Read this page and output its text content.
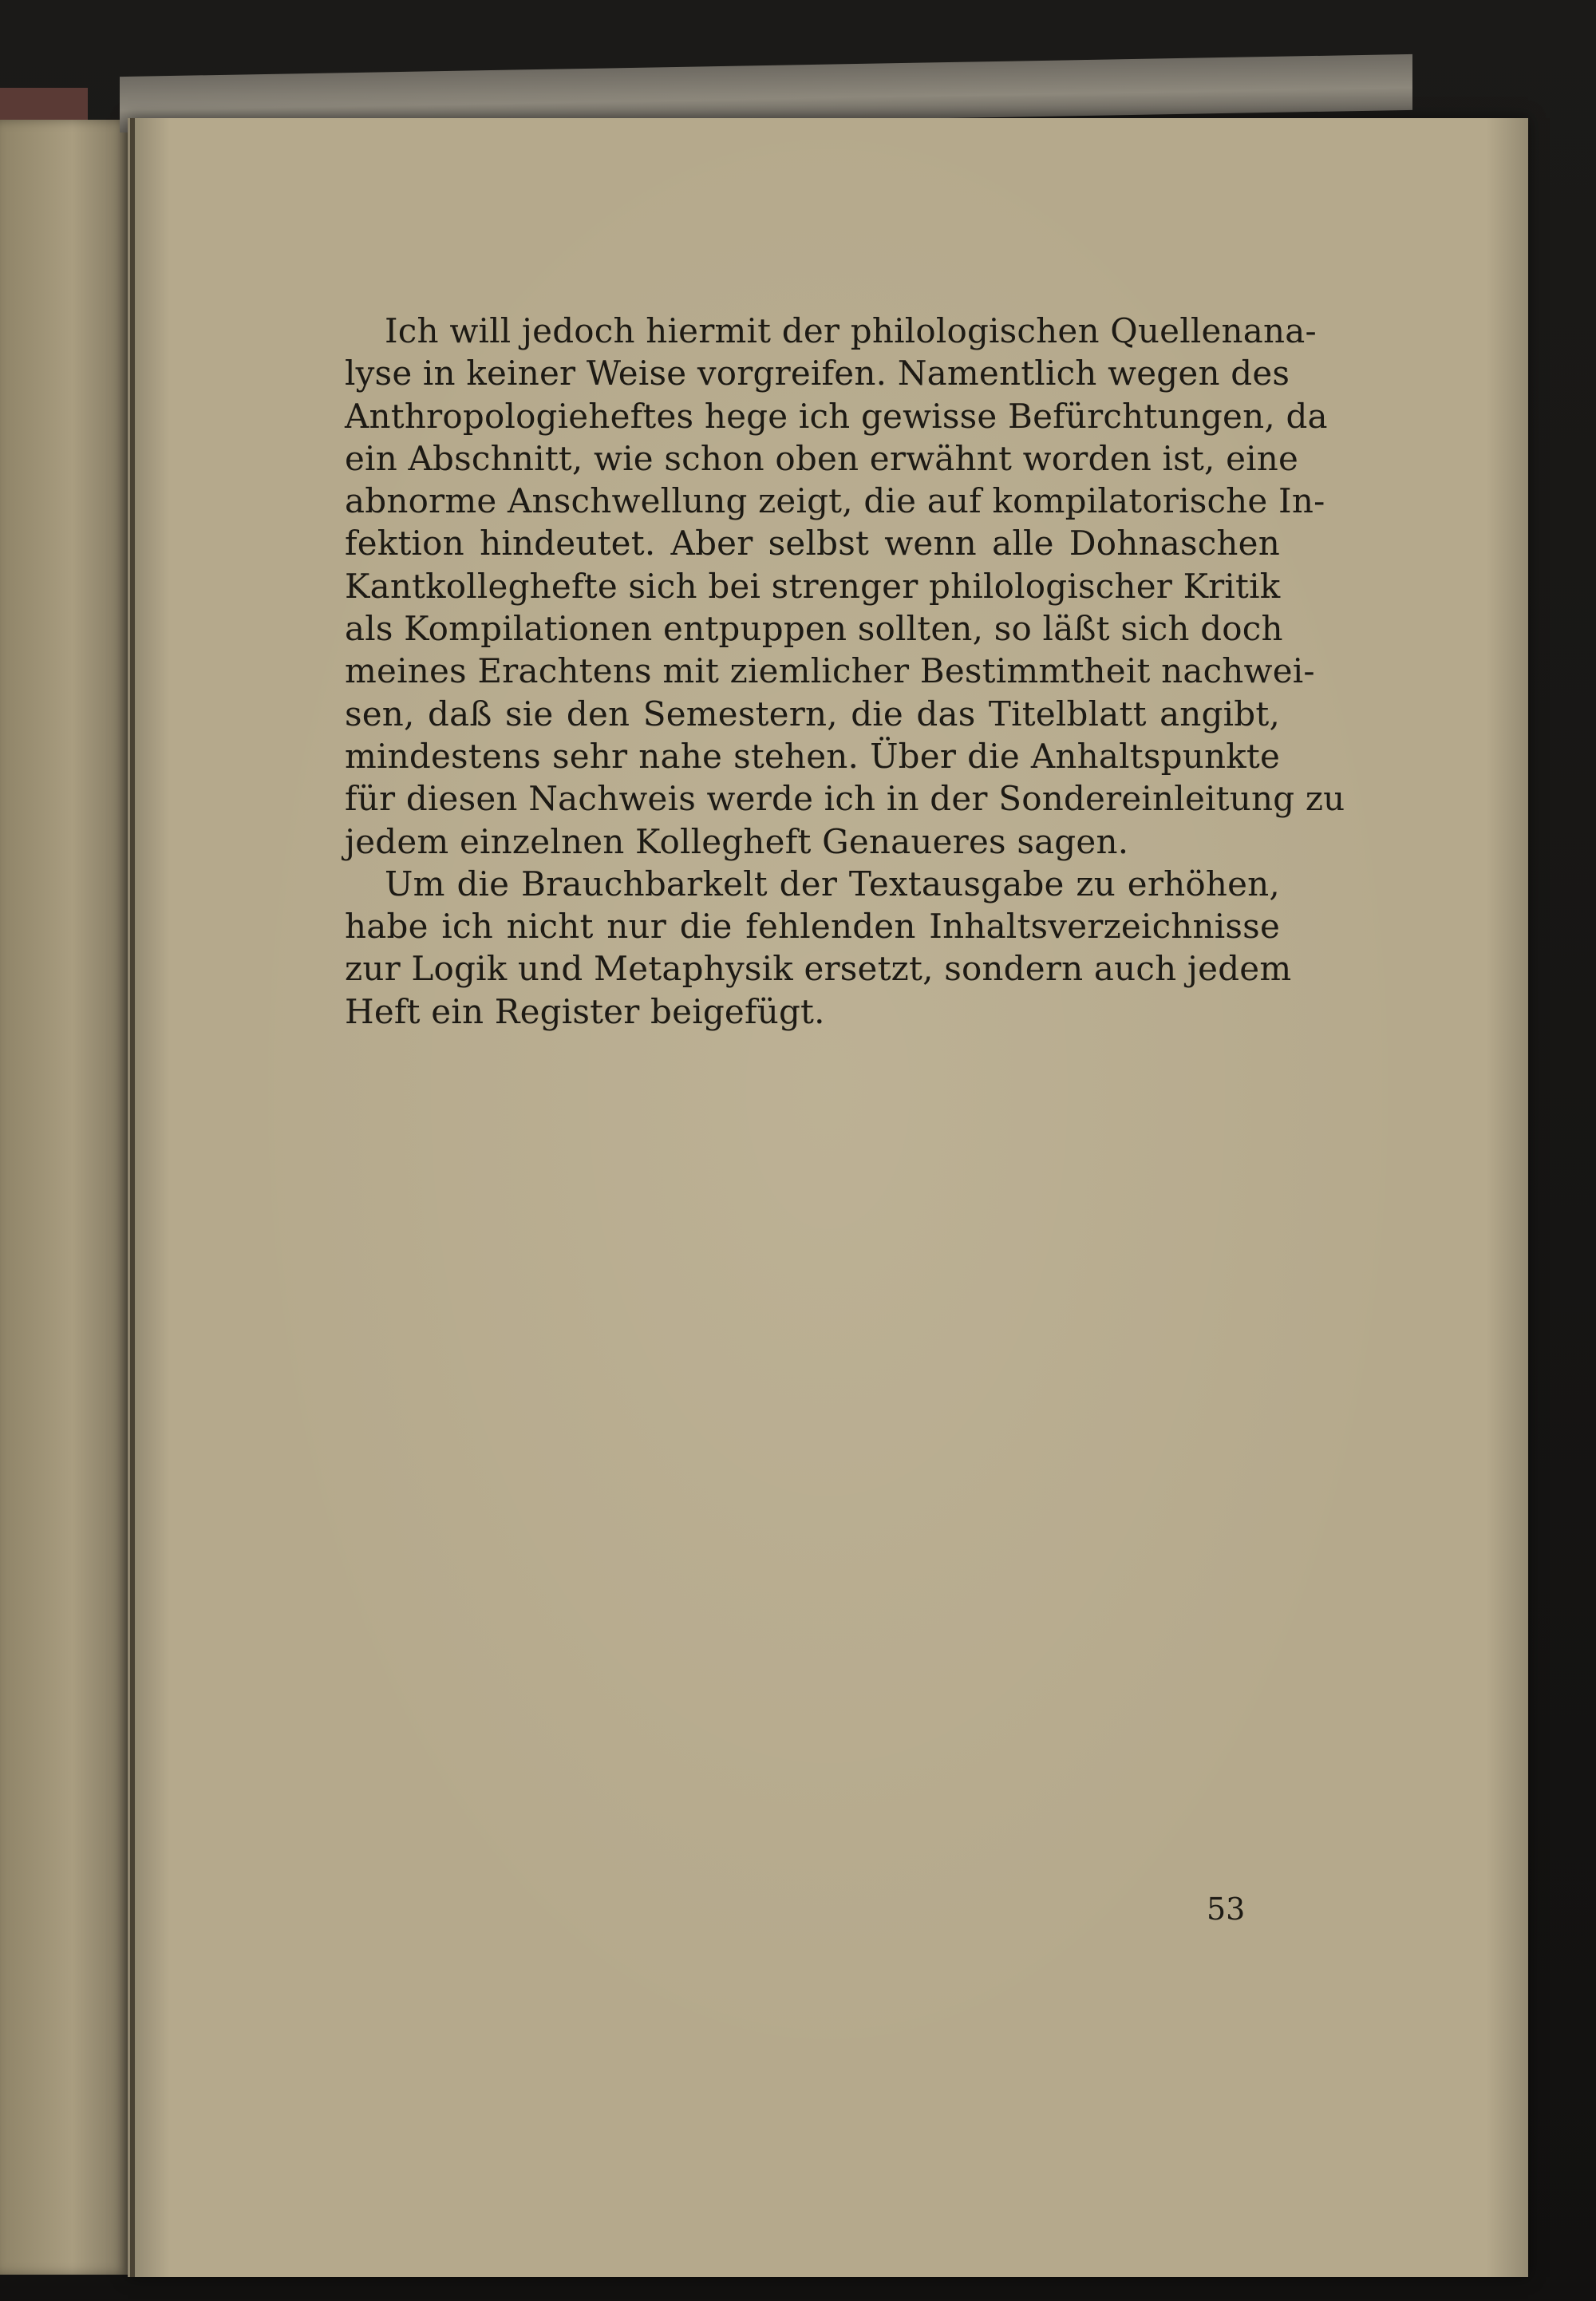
Ich will jedoch hiermit der philologischen Quellenana-
lyse in keiner Weise vorgreifen. Namentlich wegen des
Anthropologieheftes hege ich gewisse Befürchtungen, da
ein Abschnitt, wie schon oben erwähnt worden ist, eine
abnorme Anschwellung zeigt, die auf kompilatorische In-
fektion hindeutet. Aber selbst wenn alle Dohnaschen
Kantkolleghefte sich bei strenger philologischer Kritik
als Kompilationen entpuppen sollten, so läßt sich doch
meines Erachtens mit ziemlicher Bestimmtheit nachwei-
sen, daß sie den Semestern, die das Titelblatt angibt,
mindestens sehr nahe stehen. Über die Anhaltspunkte
für diesen Nachweis werde ich in der Sondereinleitung zu
jedem einzelnen Kollegheft Genaueres sagen.
Um die Brauchbarkelt der Textausgabe zu erhöhen,
habe ich nicht nur die fehlenden Inhaltsverzeichnisse
zur Logik und Metaphysik ersetzt, sondern auch jedem
Heft ein Register beigefügt.
53
